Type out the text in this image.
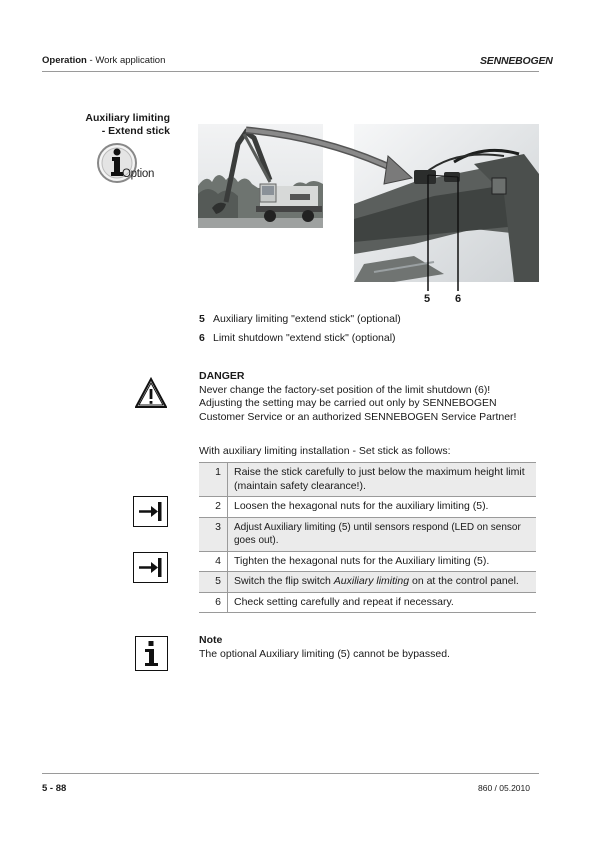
Operation - Work application	SENNEBOGEN
Auxiliary limiting
- Extend stick
Option
5 6
5 Auxiliary limiting "extend stick" (optional)
6 Limit shutdown "extend stick" (optional)
DANGER
Never change the factory-set position of the limit shutdown (6)!
Adjusting the setting may be carried out only by SENNEBOGEN
Customer Service or an authorized SENNEBOGEN Service Partner!
With auxiliary limiting installation - Set stick as follows:
1	Raise the stick carefully to just below the maximum height limit (maintain safety clearance!).
2	Loosen the hexagonal nuts for the auxiliary limiting (5).
3	Adjust Auxiliary limiting (5) until sensors respond (LED on sensor goes out).
4	Tighten the hexagonal nuts for the Auxiliary limiting (5).
5	Switch the flip switch Auxiliary limiting on at the control panel.
6	Check setting carefully and repeat if necessary.
Note
The optional Auxiliary limiting (5) cannot be bypassed.
5 - 88	860 / 05.2010
